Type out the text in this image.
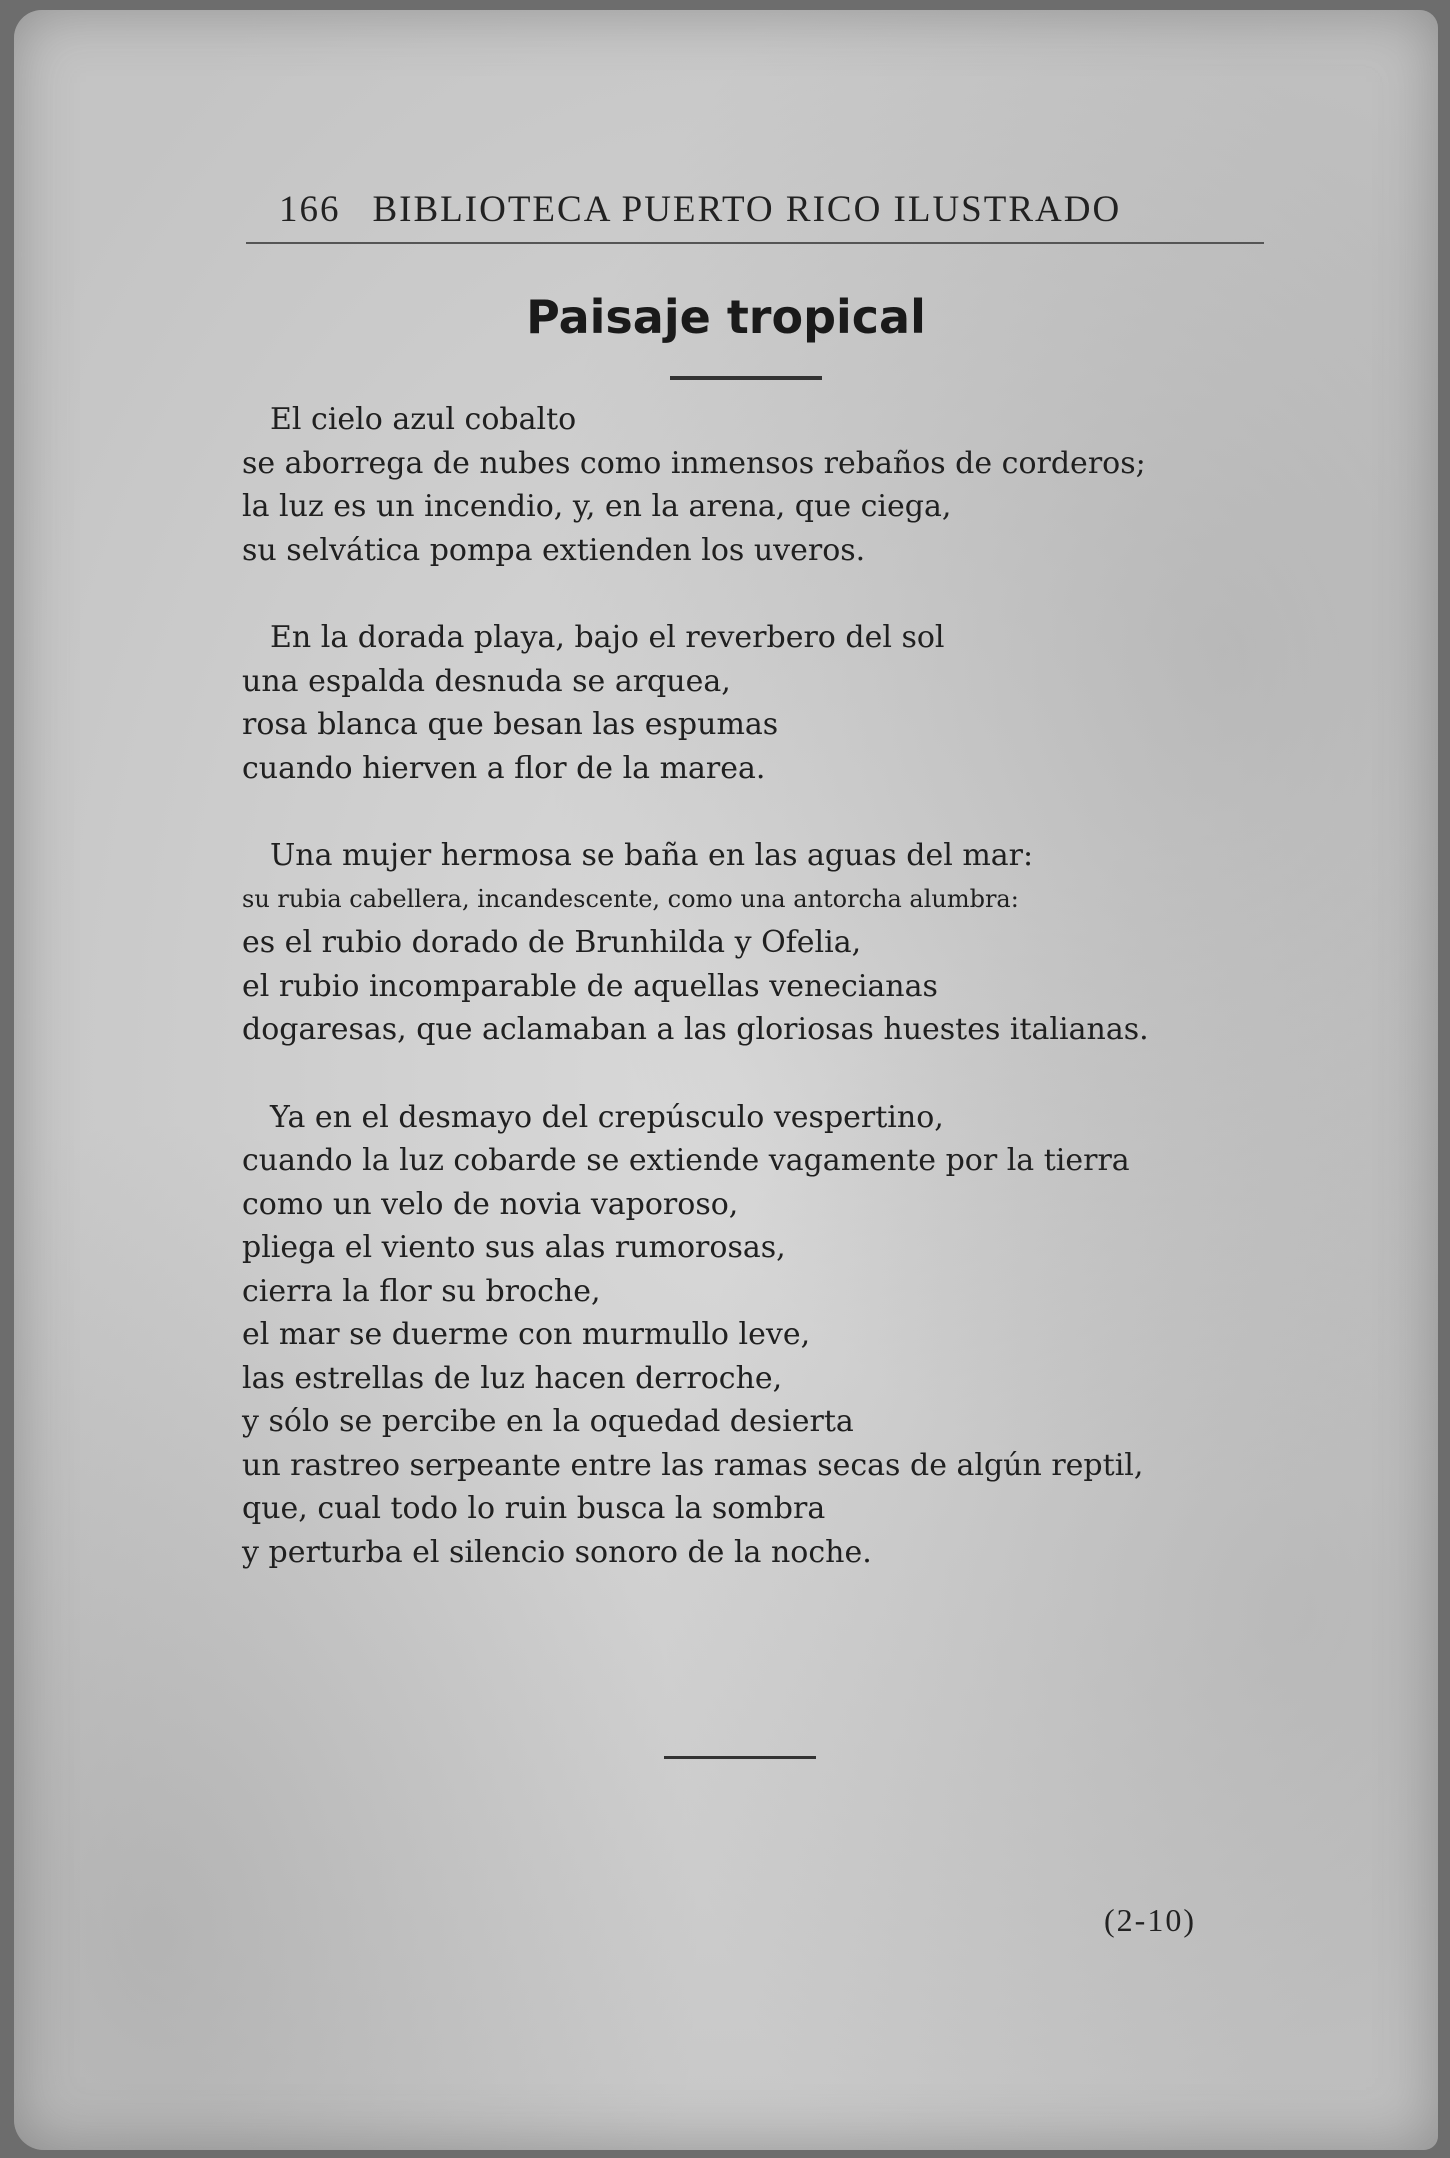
166 BIBLIOTECA PUERTO RICO ILUSTRADO
Paisaje tropical
El cielo azul cobalto
se aborrega de nubes como inmensos rebaños de corderos;
la luz es un incendio, y, en la arena, que ciega,
su selvática pompa extienden los uveros.
En la dorada playa, bajo el reverbero del sol
una espalda desnuda se arquea,
rosa blanca que besan las espumas
cuando hierven a flor de la marea.
Una mujer hermosa se baña en las aguas del mar:
su rubia cabellera, incandescente, como una antorcha alumbra:
es el rubio dorado de Brunhilda y Ofelia,
el rubio incomparable de aquellas venecianas
dogaresas, que aclamaban a las gloriosas huestes italianas.
Ya en el desmayo del crepúsculo vespertino,
cuando la luz cobarde se extiende vagamente por la tierra
como un velo de novia vaporoso,
pliega el viento sus alas rumorosas,
cierra la flor su broche,
el mar se duerme con murmullo leve,
las estrellas de luz hacen derroche,
y sólo se percibe en la oquedad desierta
un rastreo serpeante entre las ramas secas de algún reptil,
que, cual todo lo ruin busca la sombra
y perturba el silencio sonoro de la noche.
(2-10)
